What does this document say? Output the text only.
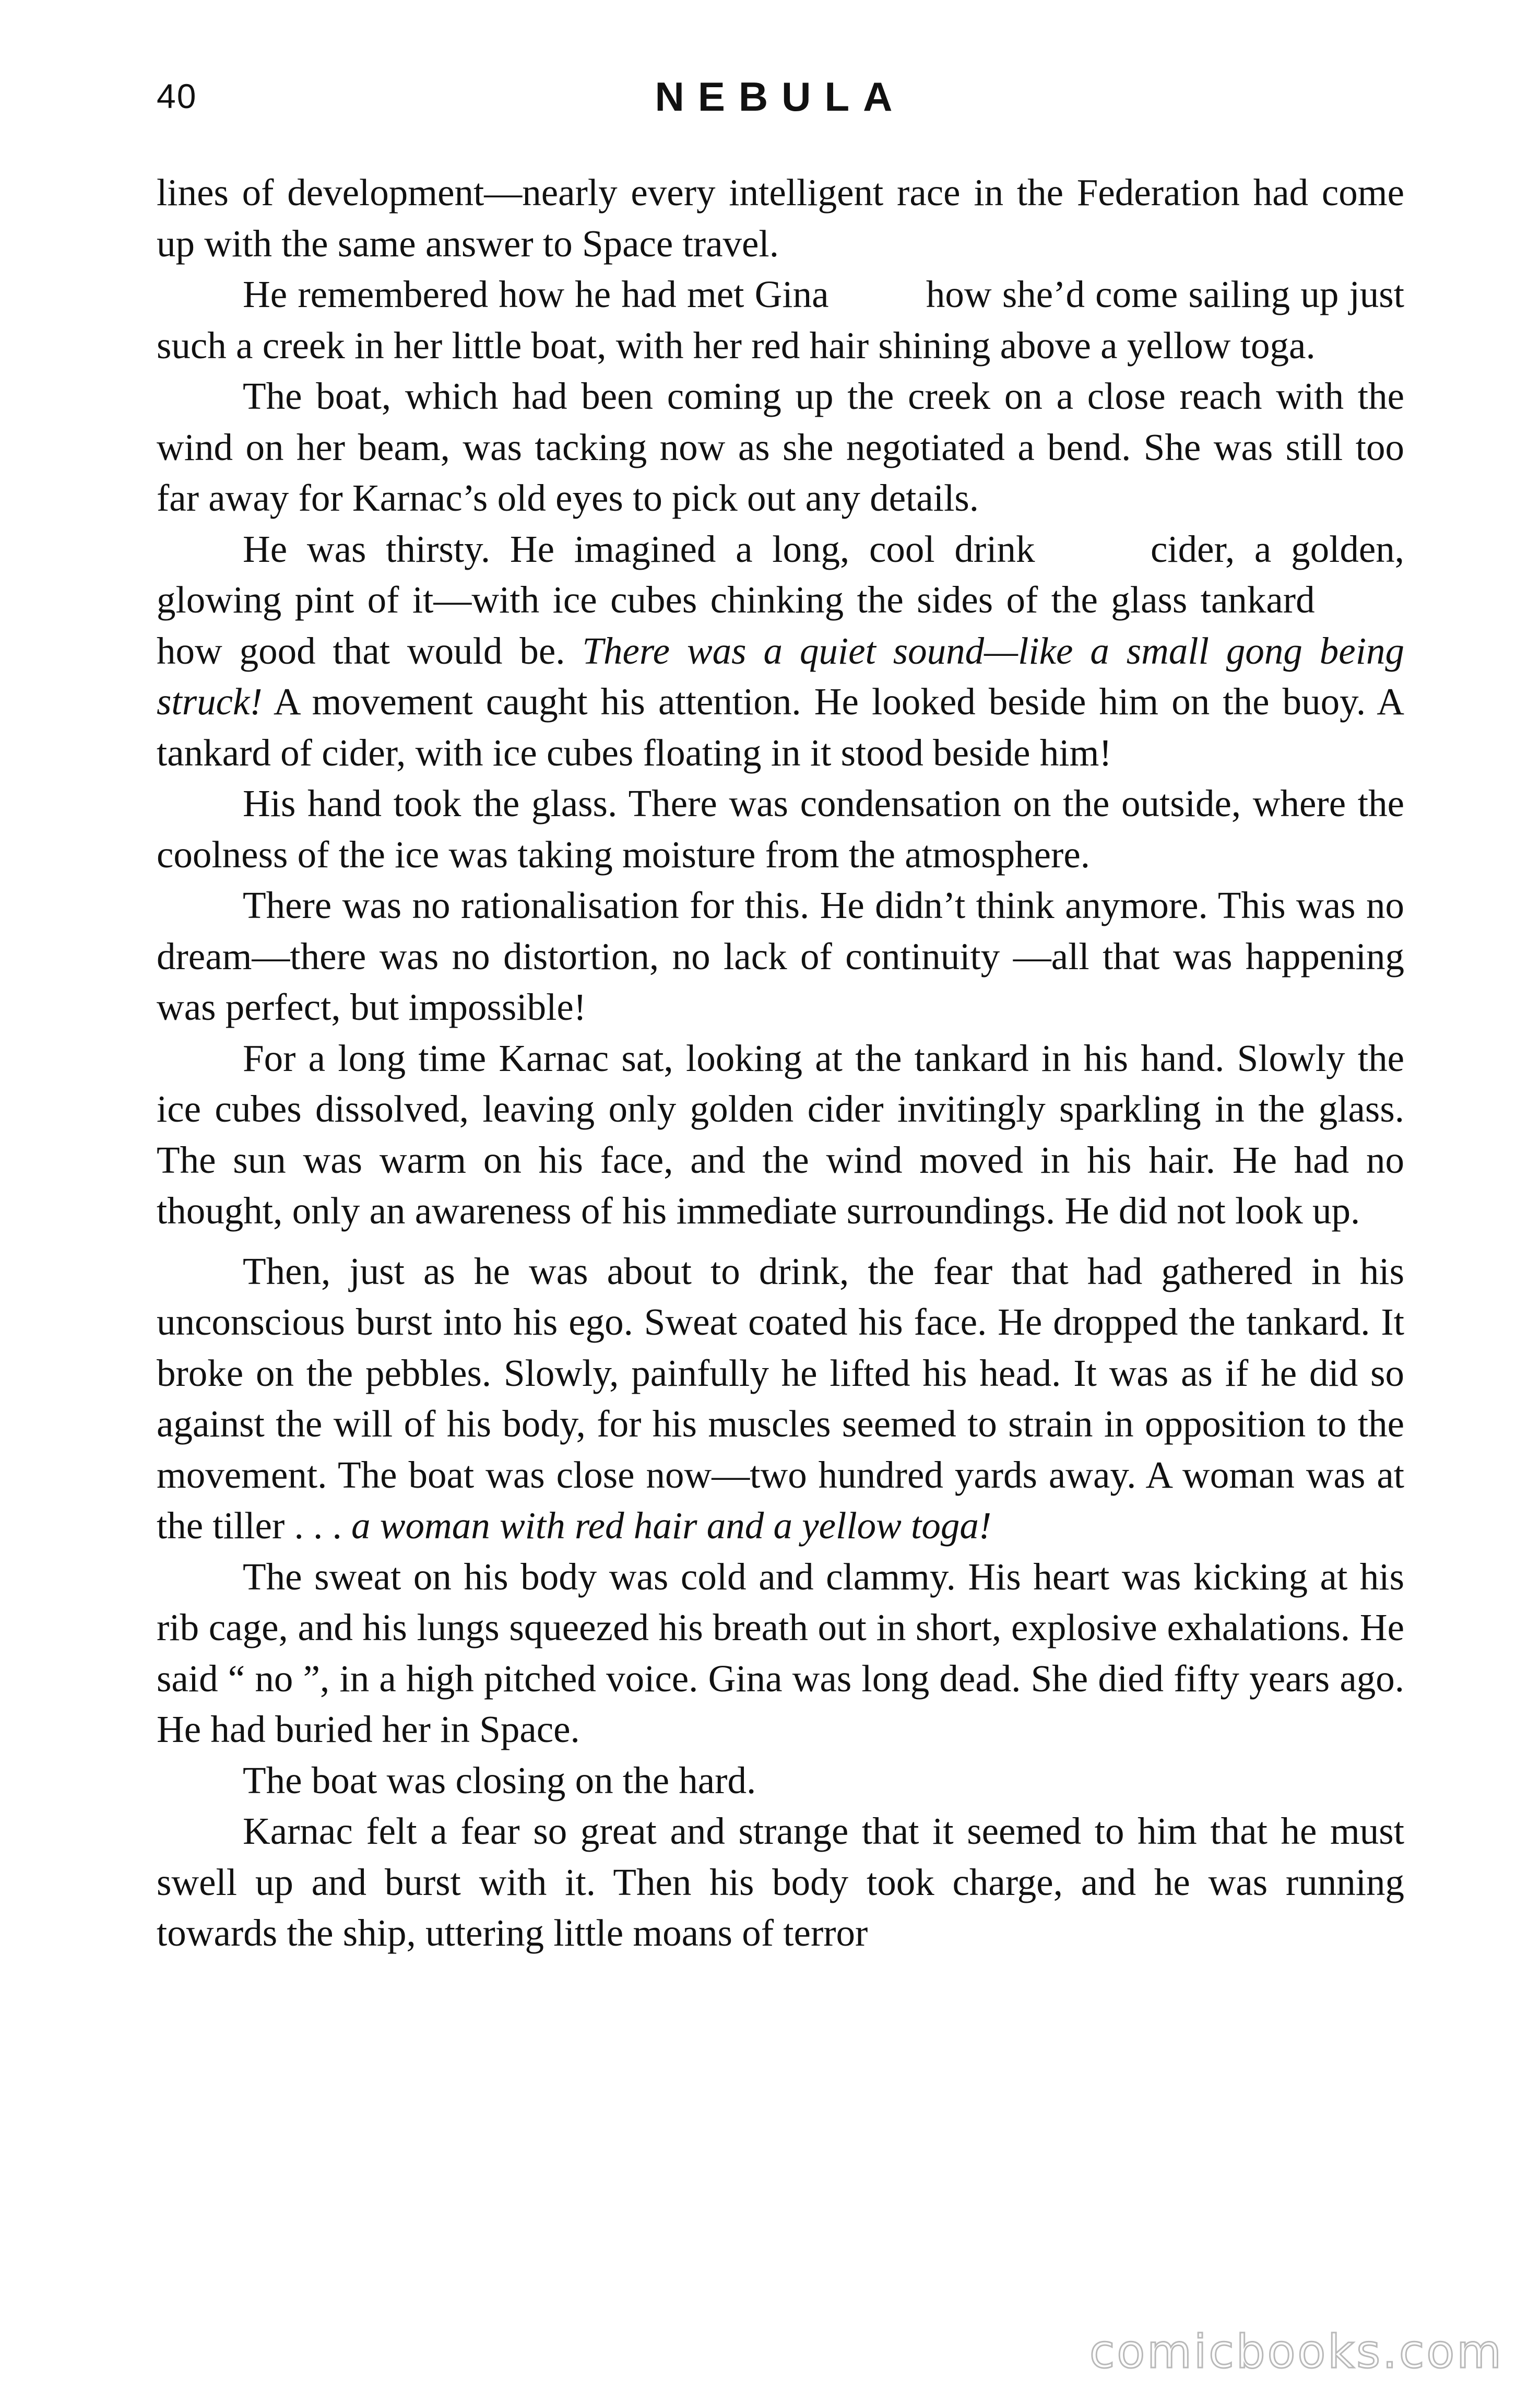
40	NEBULA

lines of development—nearly every intelligent race in the Federation had come up with the same answer to Space travel.

He remembered how he had met Gina    how she’d come sailing up just such a creek in her little boat, with her red hair shining above a yellow toga.

The boat, which had been coming up the creek on a close reach with the wind on her beam, was tacking now as she negotiated a bend. She was still too far away for Karnac’s old eyes to pick out any details.

He was thirsty. He imagined a long, cool drink    cider, a golden, glowing pint of it—with ice cubes chinking the sides of the glass tankard    how good that would be. There was a quiet sound—like a small gong being struck! A movement caught his attention. He looked beside him on the buoy. A tankard of cider, with ice cubes floating in it stood beside him!

His hand took the glass. There was condensation on the outside, where the coolness of the ice was taking moisture from the atmosphere.

There was no rationalisation for this. He didn’t think anymore. This was no dream—there was no distortion, no lack of continuity —all that was happening was perfect, but impossible!

For a long time Karnac sat, looking at the tankard in his hand. Slowly the ice cubes dissolved, leaving only golden cider invitingly sparkling in the glass. The sun was warm on his face, and the wind moved in his hair. He had no thought, only an awareness of his immediate surroundings. He did not look up.

Then, just as he was about to drink, the fear that had gathered in his unconscious burst into his ego. Sweat coated his face. He dropped the tankard. It broke on the pebbles. Slowly, painfully he lifted his head. It was as if he did so against the will of his body, for his muscles seemed to strain in opposition to the movement. The boat was close now—two hundred yards away. A woman was at the tiller . . . a woman with red hair and a yellow toga!

The sweat on his body was cold and clammy. His heart was kicking at his rib cage, and his lungs squeezed his breath out in short, explosive exhalations. He said “ no ”, in a high pitched voice. Gina was long dead. She died fifty years ago. He had buried her in Space.

The boat was closing on the hard.

Karnac felt a fear so great and strange that it seemed to him that he must swell up and burst with it. Then his body took charge, and he was running towards the ship, uttering little moans of terror

comicbooks.com
